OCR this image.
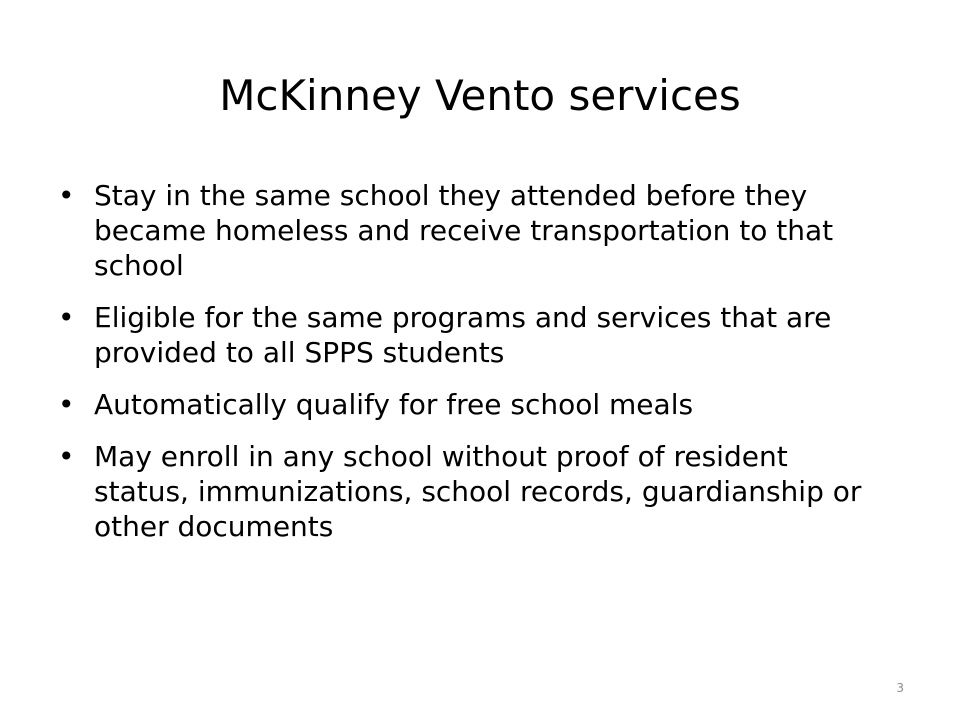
McKinney Vento services
• Stay in the same school they attended before they became homeless and receive transportation to that school
• Eligible for the same programs and services that are provided to all SPPS students
• Automatically qualify for free school meals
• May enroll in any school without proof of resident status, immunizations, school records, guardianship or other documents
3
